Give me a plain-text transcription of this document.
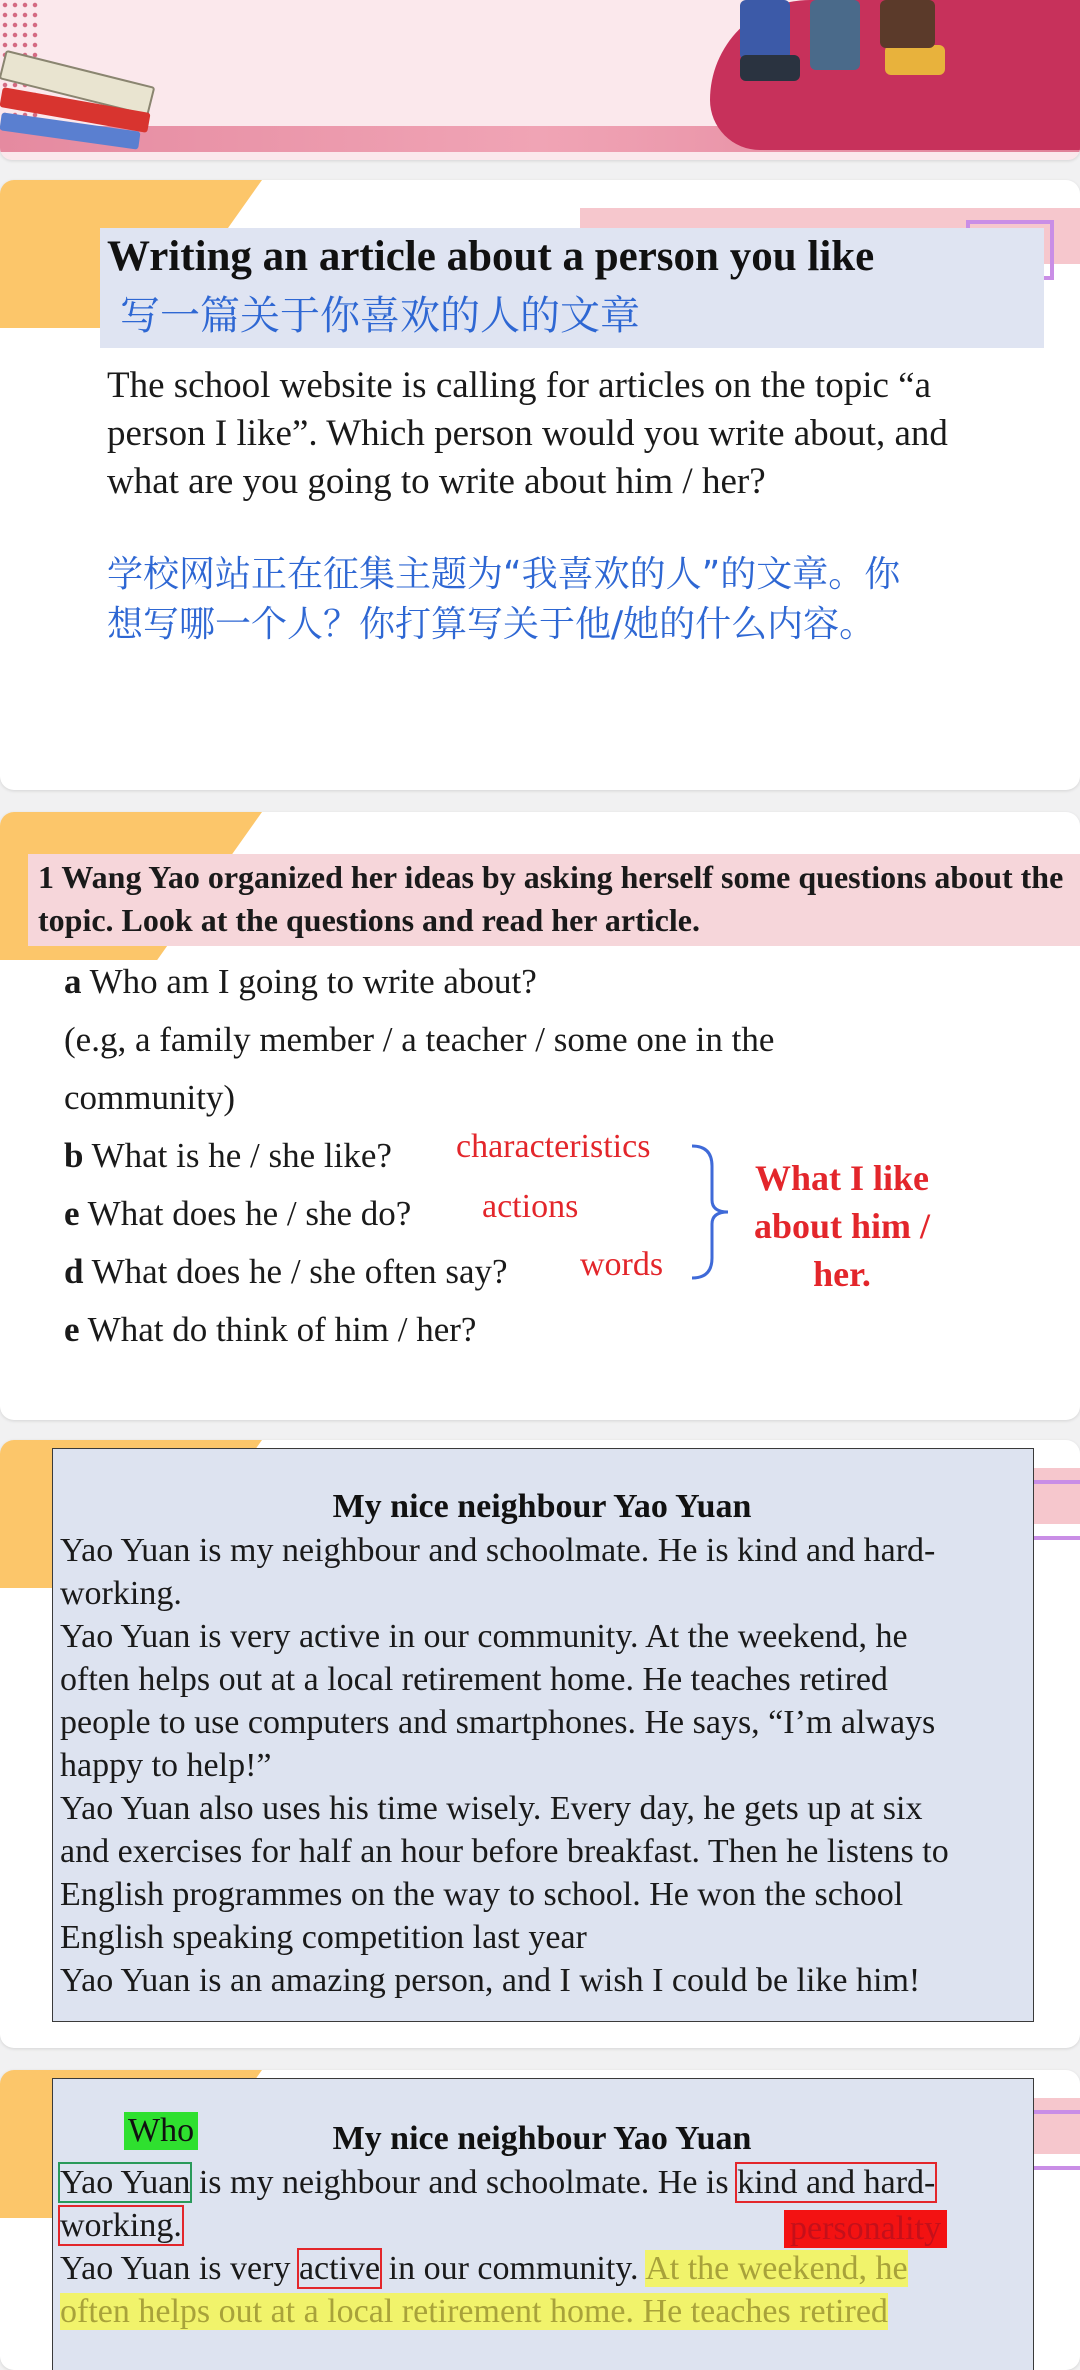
Writing an article about a person you like
写一篇关于你喜欢的人的文章
The school website is calling for articles on the topic “a
person I like”. Which person would you write about, and
what are you going to write about him / her?
学校网站正在征集主题为“我喜欢的人”的文章。你
想写哪一个人？你打算写关于他/她的什么内容。
1 Wang Yao organized her ideas by asking herself some questions about the topic. Look at the questions and read her article.
a Who am I going to write about?
(e.g, a family member / a teacher / some one in the
community)
b What is he / she like?
e What does he / she do?
d What does he / she often say?
e What do think of him / her?
characteristics
actions
words
What I like
about him /
her.
My nice neighbour Yao Yuan
Yao Yuan is my neighbour and schoolmate. He is kind and hard-
working.
Yao Yuan is very active in our community. At the weekend, he
often helps out at a local retirement home. He teaches retired
people to use computers and smartphones. He says, “I’m always
happy to help!”
Yao Yuan also uses his time wisely. Every day, he gets up at six
and exercises for half an hour before breakfast. Then he listens to
English programmes on the way to school. He won the school
English speaking competition last year
Yao Yuan is an amazing person, and I wish I could be like him!
Who	My nice neighbour Yao Yuan
Yao Yuan is my neighbour and schoolmate. He is kind and hard-
working.	personality
Yao Yuan is very active in our community. At the weekend, he
often helps out at a local retirement home. He teaches retired
